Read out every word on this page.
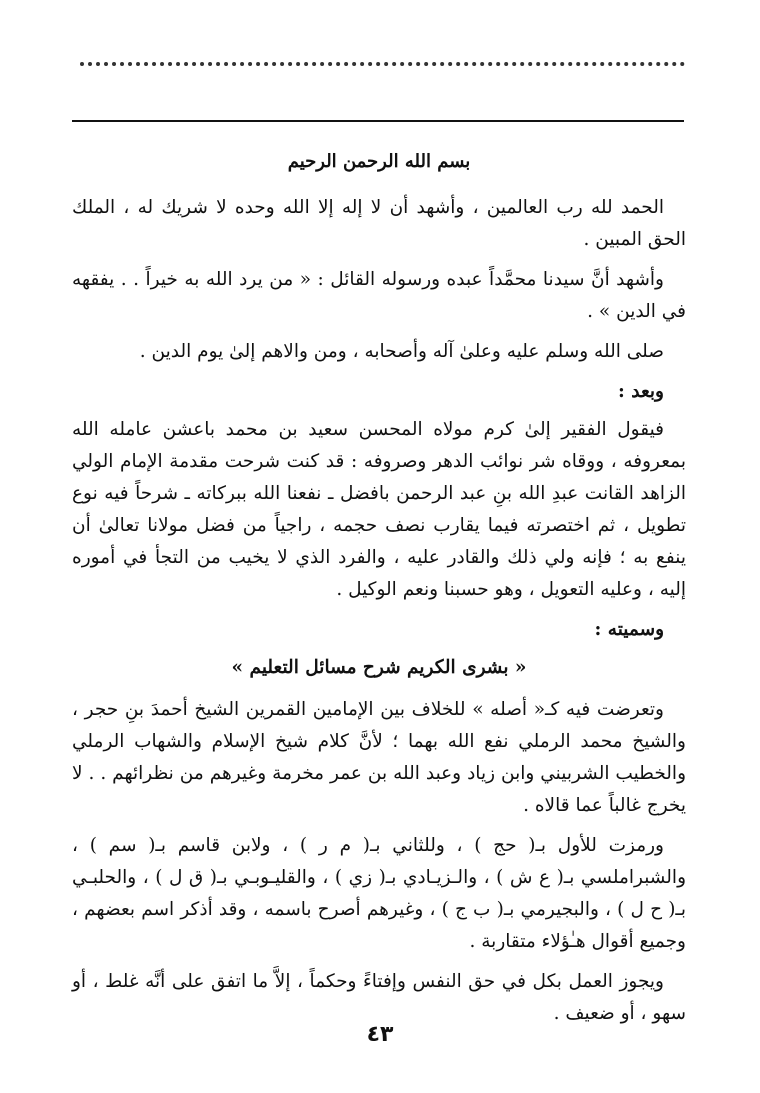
بسم الله الرحمن الرحيم

الحمد لله رب العالمين ، وأشهد أن لا إله إلا الله وحده لا شريك له ، الملك الحق المبين .

وأشهد أنَّ سيدنا محمَّداً عبده ورسوله القائل : « من يرد الله به خيراً . . يفقهه في الدين » .

صلى الله وسلم عليه وعلىٰ آله وأصحابه ، ومن والاهم إلىٰ يوم الدين .

وبعد :

فيقول الفقير إلىٰ كرم مولاه المحسن سعيد بن محمد باعشن عامله الله بمعروفه ، ووقاه شر نوائب الدهر وصروفه : قد كنت شرحت مقدمة الإمام الولي الزاهد القانت عبدِ الله بنِ عبد الرحمن بافضل ـ نفعنا الله ببركاته ـ شرحاً فيه نوع تطويل ، ثم اختصرته فيما يقارب نصف حجمه ، راجياً من فضل مولانا تعالىٰ أن ينفع به ؛ فإنه ولي ذلك والقادر عليه ، والفرد الذي لا يخيب من التجأ في أموره إليه ، وعليه التعويل ، وهو حسبنا ونعم الوكيل .

وسميته :

« بشرى الكريم شرح مسائل التعليم »

وتعرضت فيه كـ« أصله » للخلاف بين الإمامين القمرين الشيخ أحمدَ بنِ حجر ، والشيخ محمد الرملي نفع الله بهما ؛ لأنَّ كلام شيخ الإسلام والشهاب الرملي والخطيب الشربيني وابن زياد وعبد الله بن عمر مخرمة وغيرهم من نظرائهم . . لا يخرج غالباً عما قالاه .

ورمزت للأول بـ( حج ) ، وللثاني بـ( م ر ) ، ولابن قاسم بـ( سم ) ، والشبراملسي بـ( ع ش ) ، والـزيـادي بـ( زي ) ، والقليـوبـي بـ( ق ل ) ، والحلبـي بـ( ح ل ) ، والبجيرمي بـ( ب ج ) ، وغيرهم أصرح باسمه ، وقد أذكر اسم بعضهم ، وجميع أقوال هـٰؤلاء متقاربة .

ويجوز العمل بكل في حق النفس وإفتاءً وحكماً ، إلاَّ ما اتفق على أنَّه غلط ، أو سهو ، أو ضعيف .

٤٣
